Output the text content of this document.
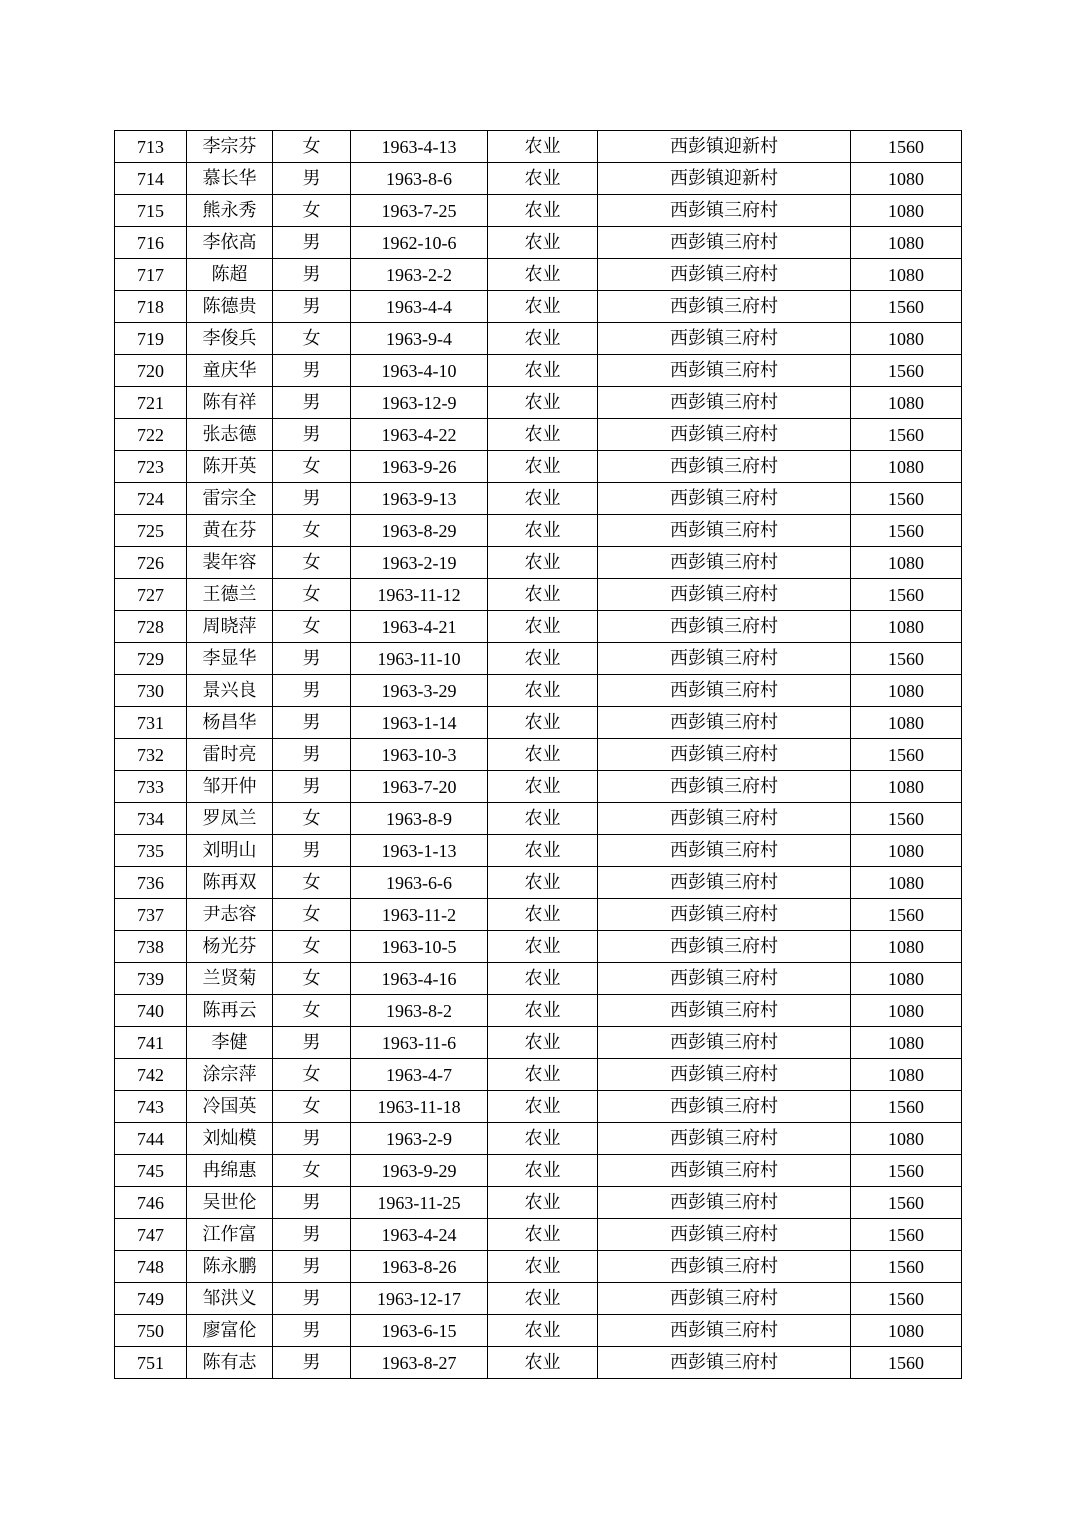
713	李宗芬	女	1963-4-13	农业	西彭镇迎新村	1560
714	慕长华	男	1963-8-6	农业	西彭镇迎新村	1080
715	熊永秀	女	1963-7-25	农业	西彭镇三府村	1080
716	李依高	男	1962-10-6	农业	西彭镇三府村	1080
717	陈超	男	1963-2-2	农业	西彭镇三府村	1080
718	陈德贵	男	1963-4-4	农业	西彭镇三府村	1560
719	李俊兵	女	1963-9-4	农业	西彭镇三府村	1080
720	童庆华	男	1963-4-10	农业	西彭镇三府村	1560
721	陈有祥	男	1963-12-9	农业	西彭镇三府村	1080
722	张志德	男	1963-4-22	农业	西彭镇三府村	1560
723	陈开英	女	1963-9-26	农业	西彭镇三府村	1080
724	雷宗全	男	1963-9-13	农业	西彭镇三府村	1560
725	黄在芬	女	1963-8-29	农业	西彭镇三府村	1560
726	裴年容	女	1963-2-19	农业	西彭镇三府村	1080
727	王德兰	女	1963-11-12	农业	西彭镇三府村	1560
728	周晓萍	女	1963-4-21	农业	西彭镇三府村	1080
729	李显华	男	1963-11-10	农业	西彭镇三府村	1560
730	景兴良	男	1963-3-29	农业	西彭镇三府村	1080
731	杨昌华	男	1963-1-14	农业	西彭镇三府村	1080
732	雷时亮	男	1963-10-3	农业	西彭镇三府村	1560
733	邹开仲	男	1963-7-20	农业	西彭镇三府村	1080
734	罗凤兰	女	1963-8-9	农业	西彭镇三府村	1560
735	刘明山	男	1963-1-13	农业	西彭镇三府村	1080
736	陈再双	女	1963-6-6	农业	西彭镇三府村	1080
737	尹志容	女	1963-11-2	农业	西彭镇三府村	1560
738	杨光芬	女	1963-10-5	农业	西彭镇三府村	1080
739	兰贤菊	女	1963-4-16	农业	西彭镇三府村	1080
740	陈再云	女	1963-8-2	农业	西彭镇三府村	1080
741	李健	男	1963-11-6	农业	西彭镇三府村	1080
742	涂宗萍	女	1963-4-7	农业	西彭镇三府村	1080
743	冷国英	女	1963-11-18	农业	西彭镇三府村	1560
744	刘灿模	男	1963-2-9	农业	西彭镇三府村	1080
745	冉绵惠	女	1963-9-29	农业	西彭镇三府村	1560
746	吴世伦	男	1963-11-25	农业	西彭镇三府村	1560
747	江作富	男	1963-4-24	农业	西彭镇三府村	1560
748	陈永鹏	男	1963-8-26	农业	西彭镇三府村	1560
749	邹洪义	男	1963-12-17	农业	西彭镇三府村	1560
750	廖富伦	男	1963-6-15	农业	西彭镇三府村	1080
751	陈有志	男	1963-8-27	农业	西彭镇三府村	1560
